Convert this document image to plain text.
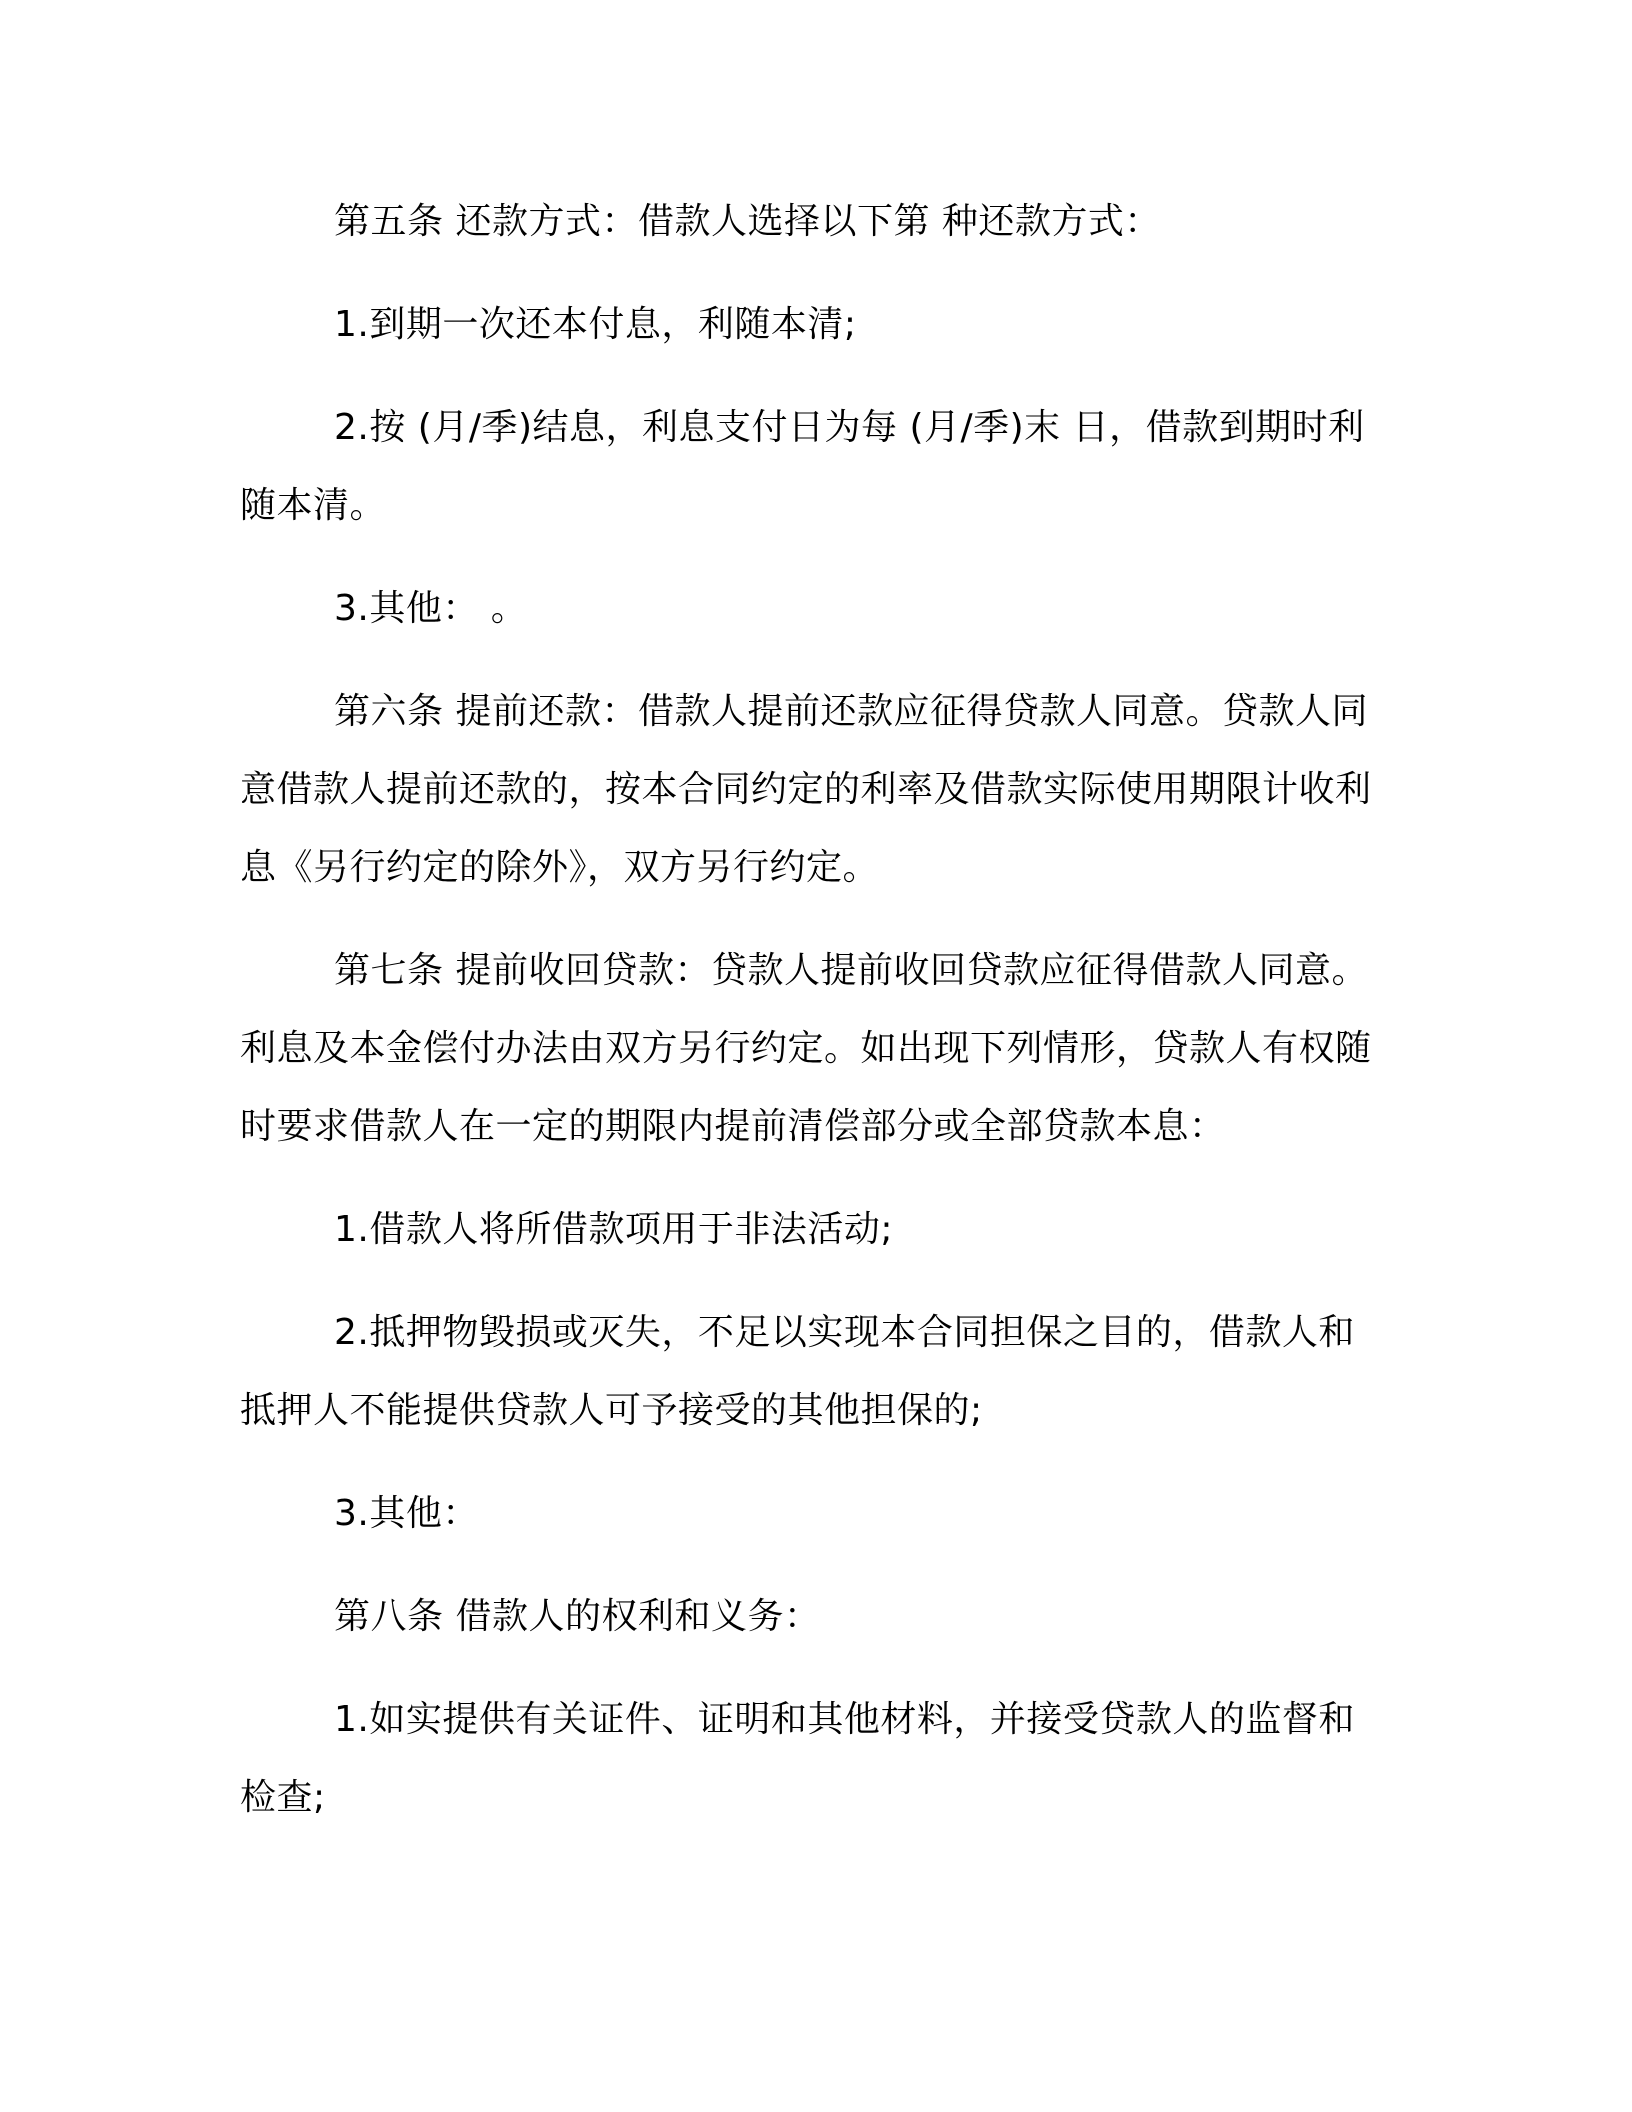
第五条 还款方式：借款人选择以下第 种还款方式：

1.到期一次还本付息，利随本清;

2.按 (月/季)结息，利息支付日为每 (月/季)末 日，借款到期时利随本清。

3.其他： 。

第六条 提前还款：借款人提前还款应征得贷款人同意。贷款人同意借款人提前还款的，按本合同约定的利率及借款实际使用期限计收利息《另行约定的除外》，双方另行约定。

第七条 提前收回贷款：贷款人提前收回贷款应征得借款人同意。利息及本金偿付办法由双方另行约定。如出现下列情形，贷款人有权随时要求借款人在一定的期限内提前清偿部分或全部贷款本息：

1.借款人将所借款项用于非法活动;

2.抵押物毁损或灭失，不足以实现本合同担保之目的，借款人和抵押人不能提供贷款人可予接受的其他担保的;

3.其他：

第八条 借款人的权利和义务：

1.如实提供有关证件、证明和其他材料，并接受贷款人的监督和检查;
